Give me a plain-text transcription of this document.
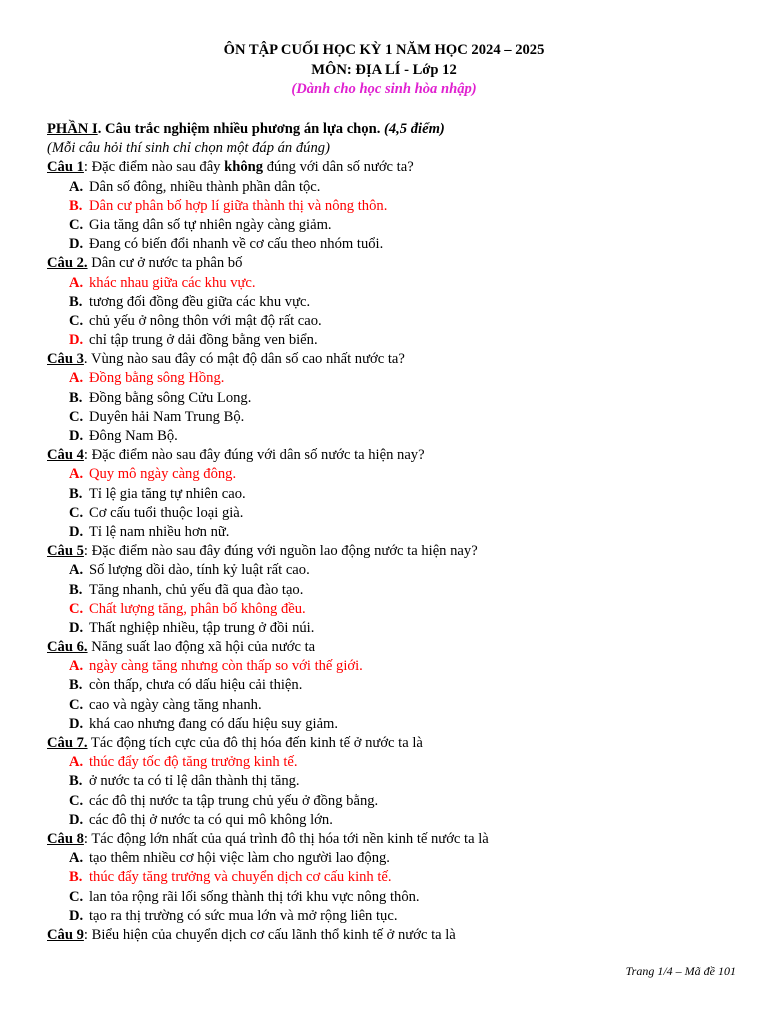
ÔN TẬP CUỐI HỌC KỲ 1 NĂM HỌC 2024 – 2025
MÔN: ĐỊA LÍ - Lớp 12
(Dành cho học sinh hòa nhập)
PHẦN I. Câu trắc nghiệm nhiều phương án lựa chọn. (4,5 điểm)
(Mỗi câu hỏi thí sinh chỉ chọn một đáp án đúng)
Câu 1: Đặc điểm nào sau đây không đúng với dân số nước ta?
A. Dân số đông, nhiều thành phần dân tộc.
B. Dân cư phân bố hợp lí giữa thành thị và nông thôn.
C. Gia tăng dân số tự nhiên ngày càng giảm.
D. Đang có biến đổi nhanh về cơ cấu theo nhóm tuổi.
Câu 2. Dân cư ở nước ta phân bố
A. khác nhau giữa các khu vực.
B. tương đối đồng đều giữa các khu vực.
C. chủ yếu ở nông thôn với mật độ rất cao.
D. chỉ tập trung ở dải đồng bằng ven biển.
Câu 3. Vùng nào sau đây có mật độ dân số cao nhất nước ta?
A. Đồng bằng sông Hồng.
B. Đồng bằng sông Cửu Long.
C. Duyên hải Nam Trung Bộ.
D. Đông Nam Bộ.
Câu 4: Đặc điểm nào sau đây đúng với dân số nước ta hiện nay?
A. Quy mô ngày càng đông.
B. Tỉ lệ gia tăng tự nhiên cao.
C. Cơ cấu tuổi thuộc loại già.
D. Tỉ lệ nam nhiều hơn nữ.
Câu 5: Đặc điểm nào sau đây đúng với nguồn lao động nước ta hiện nay?
A. Số lượng dồi dào, tính kỷ luật rất cao.
B. Tăng nhanh, chủ yếu đã qua đào tạo.
C. Chất lượng tăng, phân bố không đều.
D. Thất nghiệp nhiều, tập trung ở đồi núi.
Câu 6. Năng suất lao động xã hội của nước ta
A. ngày càng tăng nhưng còn thấp so với thế giới.
B. còn thấp, chưa có dấu hiệu cải thiện.
C. cao và ngày càng tăng nhanh.
D. khá cao nhưng đang có dấu hiệu suy giảm.
Câu 7. Tác động tích cực của đô thị hóa đến kinh tế ở nước ta là
A. thúc đẩy tốc độ tăng trưởng kinh tế.
B. ở nước ta có tỉ lệ dân thành thị tăng.
C. các đô thị nước ta tập trung chủ yếu ở đồng bằng.
D. các đô thị ở nước ta có qui mô không lớn.
Câu 8: Tác động lớn nhất của quá trình đô thị hóa tới nền kinh tế nước ta là
A. tạo thêm nhiều cơ hội việc làm cho người lao động.
B. thúc đẩy tăng trưởng và chuyển dịch cơ cấu kinh tế.
C. lan tỏa rộng rãi lối sống thành thị tới khu vực nông thôn.
D. tạo ra thị trường có sức mua lớn và mở rộng liên tục.
Câu 9: Biểu hiện của chuyển dịch cơ cấu lãnh thổ kinh tế ở nước ta là
Trang 1/4 – Mã đề 101
